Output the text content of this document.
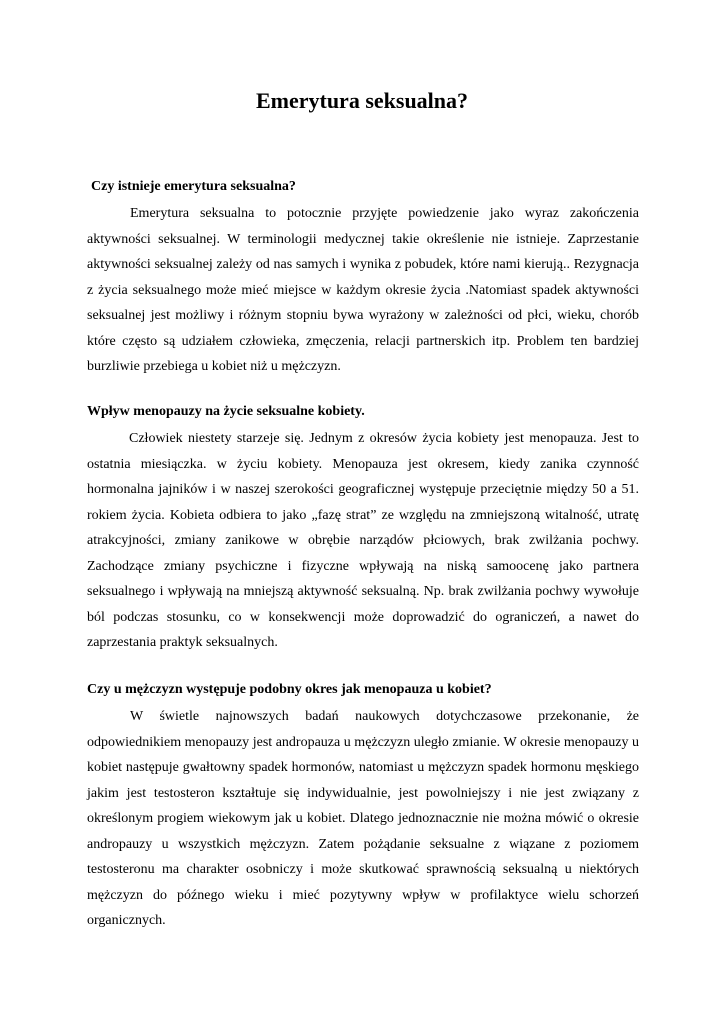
Emerytura seksualna?
Czy istnieje emerytura seksualna?

Emerytura seksualna to potocznie przyjęte powiedzenie jako wyraz zakończenia aktywności seksualnej. W terminologii medycznej takie określenie nie istnieje. Zaprzestanie aktywności seksualnej zależy od nas samych i wynika z pobudek, które nami kierują.. Rezygnacja z życia seksualnego może mieć miejsce w każdym okresie życia .Natomiast spadek aktywności seksualnej jest możliwy i różnym stopniu bywa wyrażony w zależności od płci, wieku, chorób które często są udziałem człowieka, zmęczenia, relacji partnerskich itp. Problem ten bardziej burzliwie przebiega u kobiet niż u mężczyzn.

Wpływ menopauzy na życie seksualne kobiety.

Człowiek niestety starzeje się. Jednym z okresów życia kobiety jest menopauza. Jest to ostatnia miesiączka. w życiu kobiety. Menopauza jest okresem, kiedy zanika czynność hormonalna jajników i w naszej szerokości geograficznej występuje przeciętnie między 50 a 51. rokiem życia. Kobieta odbiera to jako „fazę strat” ze względu na zmniejszoną witalność, utratę atrakcyjności, zmiany zanikowe w obrębie narządów płciowych, brak zwilżania pochwy. Zachodzące zmiany psychiczne i fizyczne wpływają na niską samoocenę jako partnera seksualnego i wpływają na mniejszą aktywność seksualną. Np. brak zwilżania pochwy wywołuje ból podczas stosunku, co w konsekwencji może doprowadzić do ograniczeń, a nawet do zaprzestania praktyk seksualnych.

Czy u mężczyzn występuje podobny okres jak menopauza u kobiet?

W świetle najnowszych badań naukowych dotychczasowe przekonanie, że odpowiednikiem menopauzy jest andropauza u mężczyzn uległo zmianie. W okresie menopauzy u kobiet następuje gwałtowny spadek hormonów, natomiast u mężczyzn spadek hormonu męskiego jakim jest testosteron kształtuje się indywidualnie, jest powolniejszy i nie jest związany z określonym progiem wiekowym jak u kobiet. Dlatego jednoznacznie nie można mówić o okresie andropauzy u wszystkich mężczyzn. Zatem pożądanie seksualne z wiązane z poziomem testosteronu ma charakter osobniczy i może skutkować sprawnością seksualną u niektórych mężczyzn do późnego wieku i mieć pozytywny wpływ w profilaktyce wielu schorzeń organicznych.
